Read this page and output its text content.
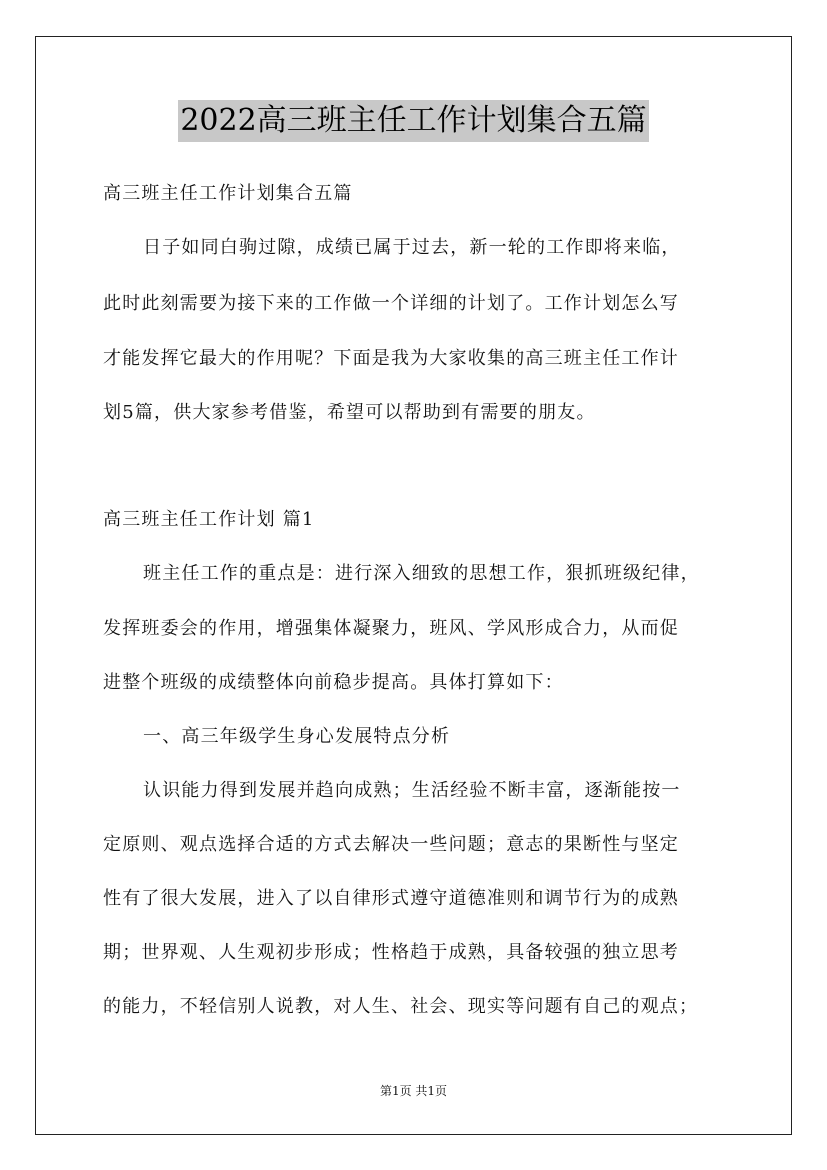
2022高三班主任工作计划集合五篇
高三班主任工作计划集合五篇
日子如同白驹过隙，成绩已属于过去，新一轮的工作即将来临，
此时此刻需要为接下来的工作做一个详细的计划了。工作计划怎么写
才能发挥它最大的作用呢？下面是我为大家收集的高三班主任工作计
划5篇，供大家参考借鉴，希望可以帮助到有需要的朋友。
高三班主任工作计划 篇1
班主任工作的重点是：进行深入细致的思想工作，狠抓班级纪律，
发挥班委会的作用，增强集体凝聚力，班风、学风形成合力，从而促
进整个班级的成绩整体向前稳步提高。具体打算如下：
一、高三年级学生身心发展特点分析
认识能力得到发展并趋向成熟；生活经验不断丰富，逐渐能按一
定原则、观点选择合适的方式去解决一些问题；意志的果断性与坚定
性有了很大发展，进入了以自律形式遵守道德准则和调节行为的成熟
期；世界观、人生观初步形成；性格趋于成熟，具备较强的独立思考
的能力，不轻信别人说教，对人生、社会、现实等问题有自己的观点；
第1页 共1页
